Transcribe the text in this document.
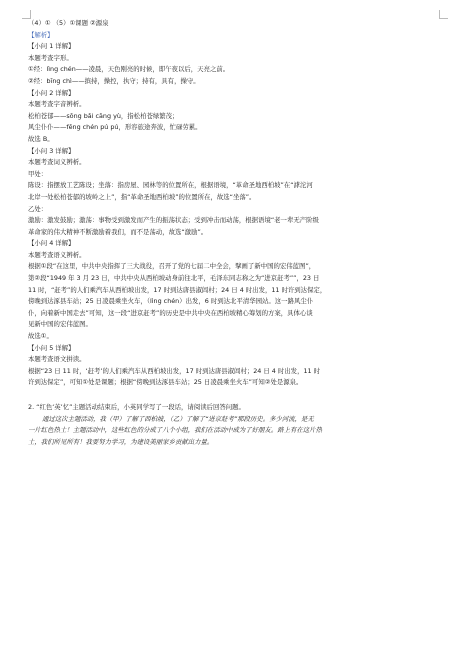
（4）① （5）①课题 ②源泉
【解析】
【小问 1 详解】
本题考查字形。
①经：lìng chén——凌晨，天色刚亮的时候，即午夜以后，天亮之前。
②经：bīng chì——摈持，操控，执守；持有，具有，操守。
【小问 2 详解】
本题考查字音辨析。
松柏苍郁——sōng bǎi cāng yù，指松柏苍绿繁茂；
风尘仆仆——fēng chén pú pú，形容旅途奔波，忙碌劳累。
故选 B。
【小问 3 详解】
本题考查词义辨析。
甲处：
陈设：指摆放工艺陈设；坐落：指房屋、园林等的位置所在，根据语境，“革命圣地西柏坡”在“滹沱河
北岸一处松柏苍郁的坡岭之上”，指“革命圣地西柏坡”的位置所在，故选“坐落”。
乙处：
激励：激发鼓励；激荡：事物受到激发而产生的振荡状态；受到冲击而动荡，根据语境“老一辈无产阶级
革命家的伟大精神不断激励着我们，而不是荡动，故选“激励”。
【小问 4 详解】
本题考查语义辨析。
根据①段“在这里，中共中央指挥了三大战役，召开了党的七届二中全会，擘画了新中国的宏伟蓝图”，
第②段“1949 年 3 月 23 日，中共中央从西柏坡动身前往北平，毛泽东同志称之为“进京赶考””，23 日
11 时，“赶考”的人们乘汽车从西柏坡出发，17 时到达唐县淑闾村；24 日 4 时出发，11 时许到达保定，
傍晚到达涿县车站；25 日凌晨乘坐火车，（lìng chén）出发，6 时到达北平清华园站。这一路风尘仆
仆，向着新中国走去”可知，这一段“进京赶考”的历史是中共中央在西柏坡精心筹划的方案，具体心谈
见新中国的宏伟蓝图。
故选①。
【小问 5 详解】
本题考查语文拼读。
根据“23 日 11 时，‘赶考’的人们乘汽车从西柏坡出发，17 时到达唐县淑闾村；24 日 4 时出发，11 时
许到达保定”，可知①处是课题；根据“傍晚到达涿县车站；25 日凌晨乘坐火车”可知②处是源泉。
2. “红色‘英’忆”主题活动结束后，小英同学写了一段话，请阅读后回答问题。
通过这次主题活动，我（甲）了解了西柏坡，（乙）了解了“进京赶考”那段历史。多少河流，是无
一片红色热土！主题活动中，这些红色的分成了八个小组，我们在活动中成为了好朋友。路上有在这片热
土，我们所见所有！我要努力学习，为建设美丽家乡贡献出力量。
